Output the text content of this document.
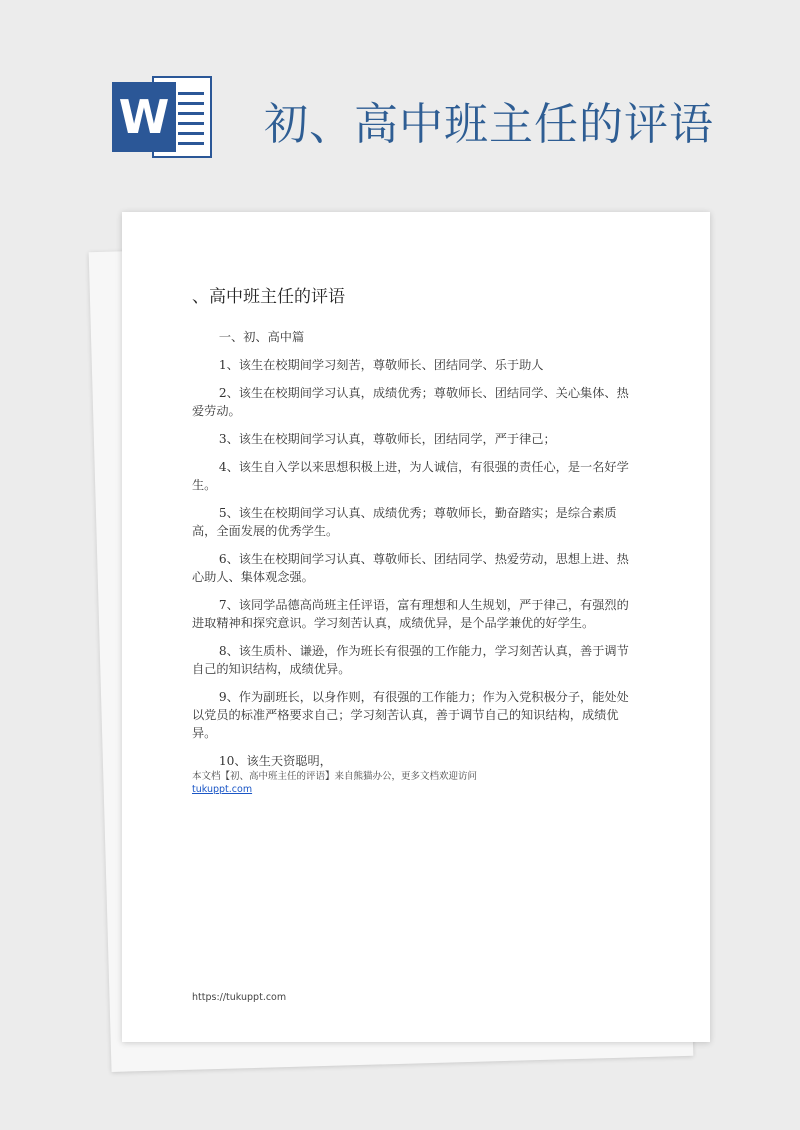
W 初、高中班主任的评语
、高中班主任的评语

一、初、高中篇

1、该生在校期间学习刻苦，尊敬师长、团结同学、乐于助人

2、该生在校期间学习认真，成绩优秀；尊敬师长、团结同学、关心集体、热爱劳动。

3、该生在校期间学习认真，尊敬师长，团结同学，严于律己；

4、该生自入学以来思想积极上进，为人诚信，有很强的责任心，是一名好学生。

5、该生在校期间学习认真、成绩优秀；尊敬师长，勤奋踏实；是综合素质高，全面发展的优秀学生。

6、该生在校期间学习认真、尊敬师长、团结同学、热爱劳动，思想上进、热心助人、集体观念强。

7、该同学品德高尚班主任评语，富有理想和人生规划，严于律己，有强烈的进取精神和探究意识。学习刻苦认真，成绩优异，是个品学兼优的好学生。

8、该生质朴、谦逊，作为班长有很强的工作能力，学习刻苦认真，善于调节自己的知识结构，成绩优异。

9、作为副班长，以身作则，有很强的工作能力；作为入党积极分子，能处处以党员的标准严格要求自己；学习刻苦认真，善于调节自己的知识结构，成绩优异。

10、该生天资聪明，

本文档【初、高中班主任的评语】来自熊猫办公，更多文档欢迎访问
tukuppt.com
https://tukuppt.com
